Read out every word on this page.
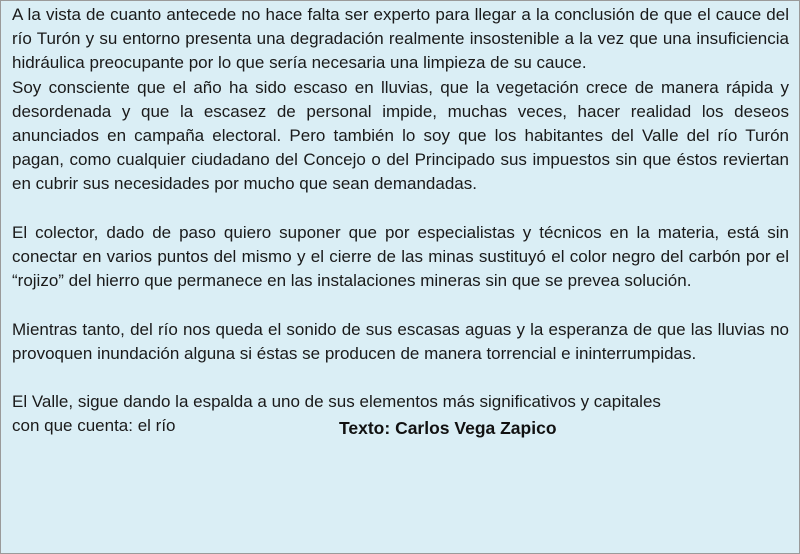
A la vista de cuanto antecede no hace falta ser experto para llegar a la conclusión de que el cauce del río Turón y su entorno presenta una degradación realmente insostenible a la vez que una insuficiencia hidráulica preocupante por lo que sería necesaria una limpieza de su cauce.

Soy consciente que el año ha sido escaso en lluvias, que la vegetación crece de manera rápida y desordenada y que la escasez de personal impide, muchas veces, hacer realidad los deseos anunciados en campaña electoral. Pero también lo soy que los habitantes del Valle del río Turón pagan, como cualquier ciudadano del Concejo o del Principado sus impuestos sin que éstos reviertan en cubrir sus necesidades por mucho que sean demandadas.

El colector, dado de paso quiero suponer que por especialistas y técnicos en la materia, está sin conectar en varios puntos del mismo y el cierre de las minas sustituyó el color negro del carbón por el “rojizo” del hierro que permanece en las instalaciones mineras sin que se prevea solución.

Mientras tanto, del río nos queda el sonido de sus escasas aguas y la esperanza de que las lluvias no provoquen inundación alguna si éstas se producen de manera torrencial e ininterrumpidas.

El Valle, sigue dando la espalda a uno de sus elementos más significativos y capitales

con que cuenta: el río	Texto: Carlos Vega Zapico
